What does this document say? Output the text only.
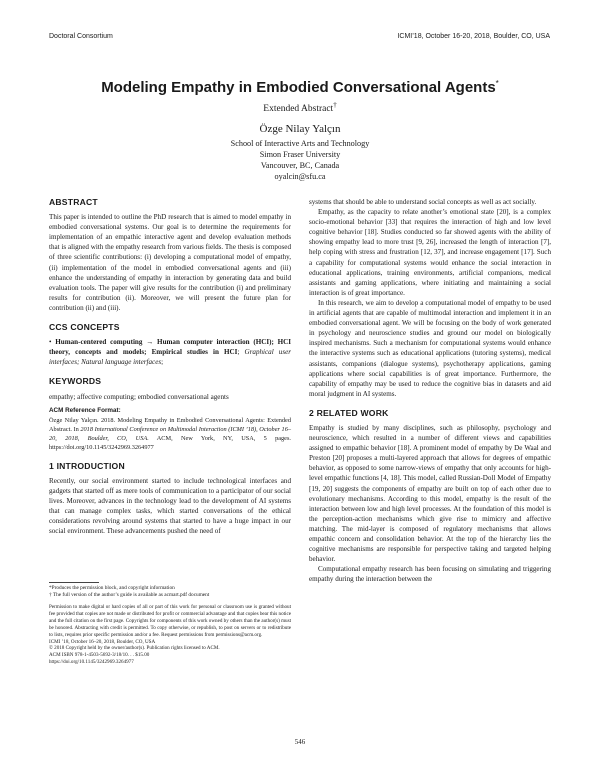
Doctoral Consortium	ICMI’18, October 16-20, 2018, Boulder, CO, USA
Modeling Empathy in Embodied Conversational Agents*
Extended Abstract†
Özge Nilay Yalçın
School of Interactive Arts and Technology
Simon Fraser University
Vancouver, BC, Canada
oyalcin@sfu.ca
ABSTRACT

This paper is intended to outline the PhD research that is aimed to model empathy in embodied conversational systems. Our goal is to determine the requirements for implementation of an empathic interactive agent and develop evaluation methods that is aligned with the empathy research from various fields. The thesis is composed of three scientific contributions: (i) developing a computational model of empathy, (ii) implementation of the model in embodied conversational agents and (iii) enhance the understanding of empathy in interaction by generating data and build evaluation tools. The paper will give results for the contribution (i) and preliminary results for contribution (ii). Moreover, we will present the future plan for contribution (ii) and (iii).

CCS CONCEPTS

• Human-centered computing → Human computer interaction (HCI); HCI theory, concepts and models; Empirical studies in HCI; Graphical user interfaces; Natural language interfaces;

KEYWORDS

empathy; affective computing; embodied conversational agents

ACM Reference Format:

Özge Nilay Yalçın. 2018. Modeling Empathy in Embodied Conversational Agents: Extended Abstract. In 2018 International Conference on Multimodal Interaction (ICMI ’18), October 16–20, 2018, Boulder, CO, USA. ACM, New York, NY, USA, 5 pages. https://doi.org/10.1145/3242969.3264977

1 INTRODUCTION

Recently, our social environment started to include technological interfaces and gadgets that started off as mere tools of communication to a participator of our social lives. Moreover, advances in the technology lead to the development of AI systems that can manage complex tasks, which started conversations of the ethical considerations revolving around systems that started to have a huge impact in our social environment. These advancements pushed the need of

*Produces the permission block, and copyright information
† The full version of the author’s guide is available as acmart.pdf document
Permission to make digital or hard copies of all or part of this work for personal or classroom use is granted without fee provided that copies are not made or distributed for profit or commercial advantage and that copies bear this notice and the full citation on the first page. Copyrights for components of this work owned by others than the author(s) must be honored. Abstracting with credit is permitted. To copy otherwise, or republish, to post on servers or to redistribute to lists, requires prior specific permission and/or a fee. Request permissions from permissions@acm.org.
ICMI ’18, October 16–20, 2018, Boulder, CO, USA
© 2018 Copyright held by the owner/author(s). Publication rights licensed to ACM.
ACM ISBN 978-1-4503-5692-3/18/10. . . $15.00
https://doi.org/10.1145/3242969.3264977

systems that should be able to understand social concepts as well as act socially.

Empathy, as the capacity to relate another’s emotional state [20], is a complex socio-emotional behavior [33] that requires the interaction of high and low level cognitive behavior [18]. Studies conducted so far showed agents with the ability of showing empathy lead to more trust [9, 26], increased the length of interaction [7], help coping with stress and frustration [12, 37], and increase engagement [17]. Such a capability for computational systems would enhance the social interaction in educational applications, training environments, artificial companions, medical assistants and gaming applications, where initiating and maintaining a social interaction is of great importance.

In this research, we aim to develop a computational model of empathy to be used in artificial agents that are capable of multimodal interaction and implement it in an embodied conversational agent. We will be focusing on the body of work generated in psychology and neuroscience studies and ground our model on biologically inspired mechanisms. Such a mechanism for computational systems would enhance the interactive systems such as educational applications (tutoring systems), medical assistants, companions (dialogue systems), psychotherapy applications, gaming applications where social capabilities is of great importance. Furthermore, the capability of empathy may be used to reduce the cognitive bias in datasets and aid moral judgment in AI systems.

2 RELATED WORK

Empathy is studied by many disciplines, such as philosophy, psychology and neuroscience, which resulted in a number of different views and capabilities assigned to empathic behavior [18]. A prominent model of empathy by De Waal and Preston [20] proposes a multi-layered approach that allows for degrees of empathic behavior, as opposed to some narrow-views of empathy that only accounts for high-level empathic functions [4, 18]. This model, called Russian-Doll Model of Empathy [19, 20] suggests the components of empathy are built on top of each other due to evolutionary mechanisms. According to this model, empathy is the result of the interaction between low and high level processes. At the foundation of this model is the perception-action mechanisms which give rise to mimicry and affective matching. The mid-layer is composed of regulatory mechanisms that allows empathic concern and consolidation behavior. At the top of the hierarchy lies the cognitive mechanisms are responsible for perspective taking and targeted helping behavior.

Computational empathy research has been focusing on simulating and triggering empathy during the interaction between the

546
